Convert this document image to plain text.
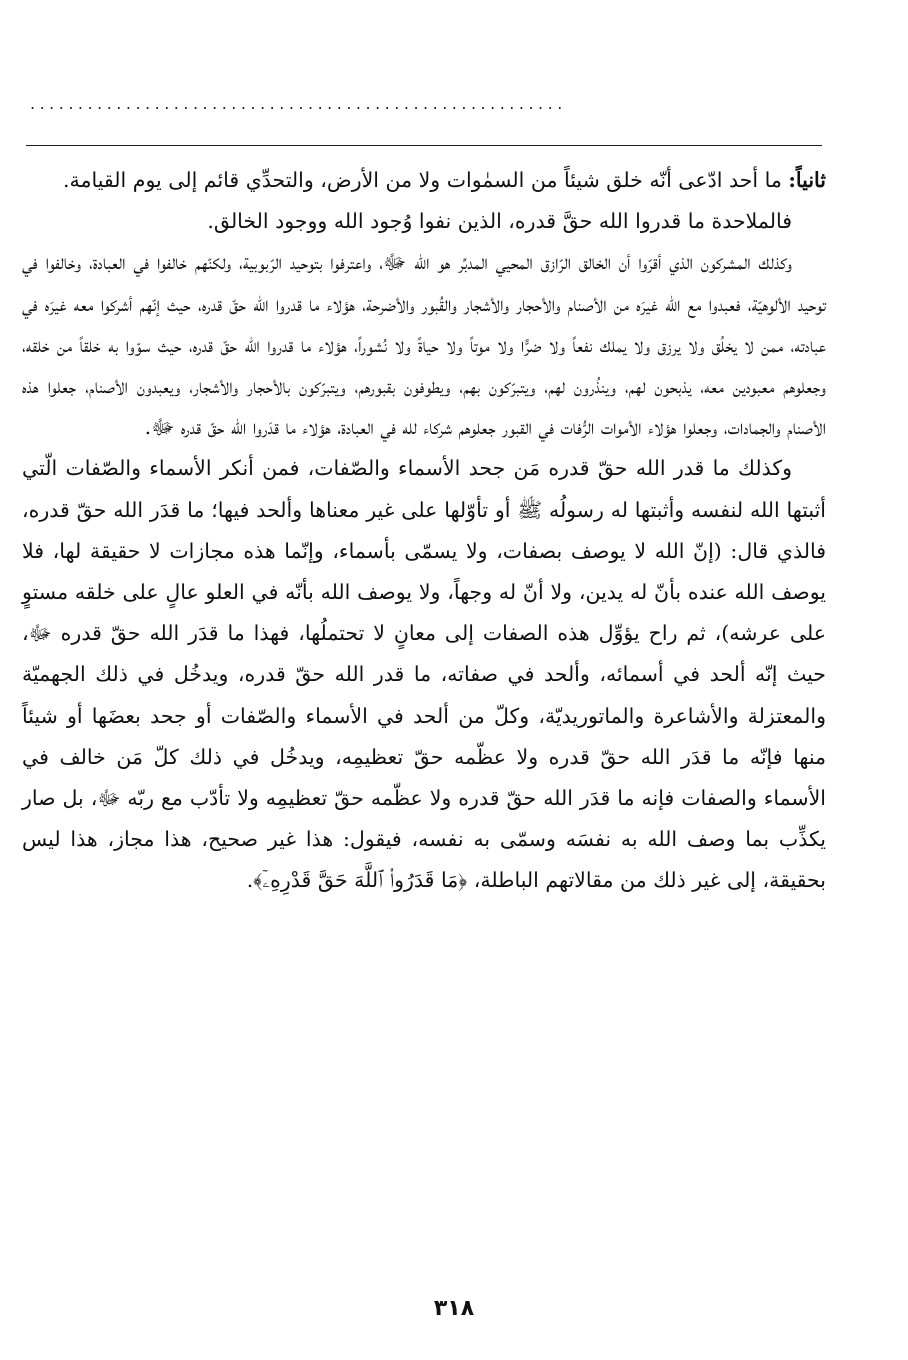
........................................................

ثانياً: ما أحد ادّعى أنّه خلق شيئاً من السمٰوات ولا من الأرض، والتحدِّي قائم إلى يوم القيامة.

فالملاحدة ما قدروا الله حقَّ قدره، الذين نفوا وُجود الله ووجود الخالق.

وكذلك المشركون الذي أقرّوا أن الخالق الرّازق المحيي المدبِّر هو الله ﷻ، واعترفوا بتوحيد الرّبوبية، ولكنّهم خالفوا في العبادة، وخالفوا في توحيد الألوهيّة، فعبدوا مع الله غيرَه من الأصنام والأحجار والأشجار والقُبور والأضرحة، هؤلاء ما قدروا الله حقّ قدره، حيث إنّهم أشركوا معه غيرَه في عبادته، ممن لا يخلُق ولا يرزق ولا يملك نفعاً ولا ضرًّا ولا موتاً ولا حياةً ولا نُشوراً، هؤلاء ما قدروا الله حقّ قدره، حيث سوّوا به خلقاً من خلقه، وجعلوهم معبودين معه، يذبحون لهم، وينذُرون لهم، ويتبرّكون بهم، ويطوفون بقبورهم، ويتبرّكون بالأحجار والأشجار، ويعبدون الأصنام، جعلوا هذه الأصنام والجمادات، وجعلوا هؤلاء الأموات الرُّفات في القبور جعلوهم شركاء لله في العبادة، هؤلاء ما قدَروا الله حقّ قدره ﷻ.

وكذلك ما قدر الله حقّ قدره مَن جحد الأسماء والصّفات، فمن أنكر الأسماء والصّفات الّتي أثبتها الله لنفسه وأثبتها له رسولُه ﷺ أو تأوّلها على غير معناها وألحد فيها؛ ما قدَر الله حقّ قدره، فالذي قال: (إنّ الله لا يوصف بصفات، ولا يسمّى بأسماء، وإنّما هذه مجازات لا حقيقة لها، فلا يوصف الله عنده بأنّ له يدين، ولا أنّ له وجهاً، ولا يوصف الله بأنّه في العلو عالٍ على خلقه مستوٍ على عرشه)، ثم راح يؤوِّل هذه الصفات إلى معانٍ لا تحتملُها، فهذا ما قدَر الله حقّ قدره ﷻ، حيث إنّه ألحد في أسمائه، وألحد في صفاته، ما قدر الله حقّ قدره، ويدخُل في ذلك الجهميّة والمعتزلة والأشاعرة والماتوريديّة، وكلّ من ألحد في الأسماء والصّفات أو جحد بعضَها أو شيئاً منها فإنّه ما قدَر الله حقّ قدره ولا عظّمه حقّ تعظيمِه، ويدخُل في ذلك كلّ مَن خالف في الأسماء والصفات فإنه ما قدَر الله حقّ قدره ولا عظّمه حقّ تعظيمِه ولا تأدّب مع ربّه ﷻ، بل صار يكذِّب بما وصف الله به نفسَه وسمّى به نفسه، فيقول: هذا غير صحيح، هذا مجاز، هذا ليس بحقيقة، إلى غير ذلك من مقالاتهم الباطلة، ﴿مَا قَدَرُوا۟ ٱللَّهَ حَقَّ قَدْرِهِۦٓ﴾.

٣١٨
